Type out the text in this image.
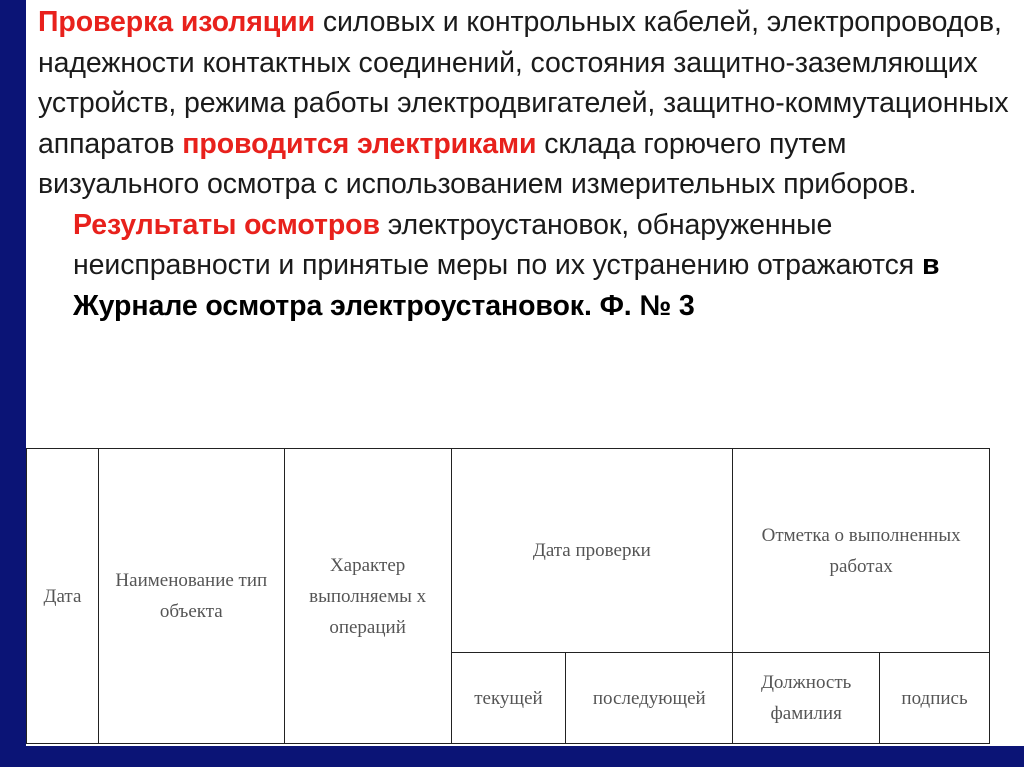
Проверка изоляции силовых и контрольных кабелей, электропроводов, надежности контактных соединений, состояния защитно-заземляющих устройств, режима работы электродвигателей, защитно-коммутационных аппаратов проводится электриками склада горючего путем визуального осмотра с использованием измерительных приборов.

Результаты осмотров электроустановок, обнаруженные неисправности и принятые меры по их устранению отражаются в Журнале осмотра электроустановок. Ф. № 3

Дата	Наименование тип объекта	Характер выполняемы х операций	Дата проверки		Отметка о выполненных работах	
			текущей	последующей	Должность фамилия	подпись
